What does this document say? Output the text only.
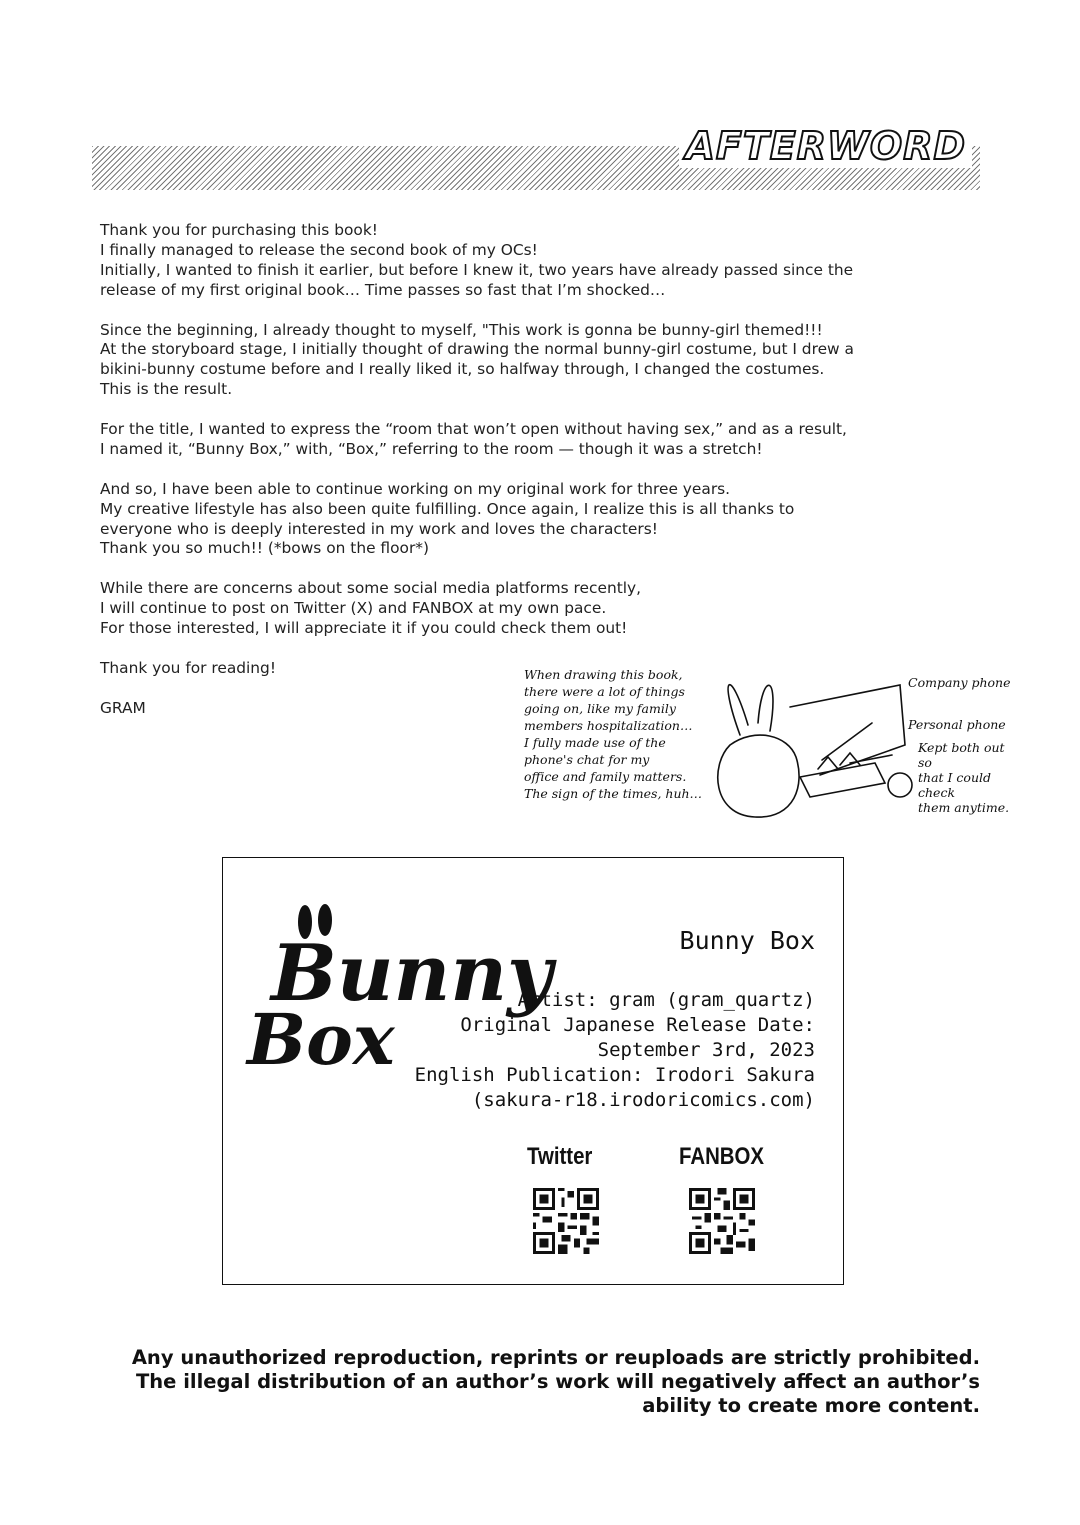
AFTERWORD

Thank you for purchasing this book!
I finally managed to release the second book of my OCs!
Initially, I wanted to finish it earlier, but before I knew it, two years have already passed since the
release of my first original book… Time passes so fast that I’m shocked…

Since the beginning, I already thought to myself, "This work is gonna be bunny-girl themed!!!
At the storyboard stage, I initially thought of drawing the normal bunny-girl costume, but I drew a
bikini-bunny costume before and I really liked it, so halfway through, I changed the costumes.
This is the result.

For the title, I wanted to express the “room that won’t open without having sex,” and as a result,
I named it, “Bunny Box,” with, “Box,” referring to the room — though it was a stretch!

And so, I have been able to continue working on my original work for three years.
My creative lifestyle has also been quite fulfilling. Once again, I realize this is all thanks to
everyone who is deeply interested in my work and loves the characters!
Thank you so much!! (*bows on the floor*)

While there are concerns about some social media platforms recently,
I will continue to post on Twitter (X) and FANBOX at my own pace.
For those interested, I will appreciate it if you could check them out!

Thank you for reading!

GRAM

When drawing this book,
there were a lot of things
going on, like my family
members hospitalization…
I fully made use of the
phone's chat for my
office and family matters.
The sign of the times, huh…
Company phone
Personal phone
Kept both out so
that I could check
them anytime.
Bunny
Box
Bunny Box
Artist: gram (gram_quartz)
Original Japanese Release Date:
September 3rd, 2023
English Publication: Irodori Sakura
(sakura-r18.irodoricomics.com)
Twitter	FANBOX
Any unauthorized reproduction, reprints or reuploads are strictly prohibited.
The illegal distribution of an author’s work will negatively affect an author’s
ability to create more content.
